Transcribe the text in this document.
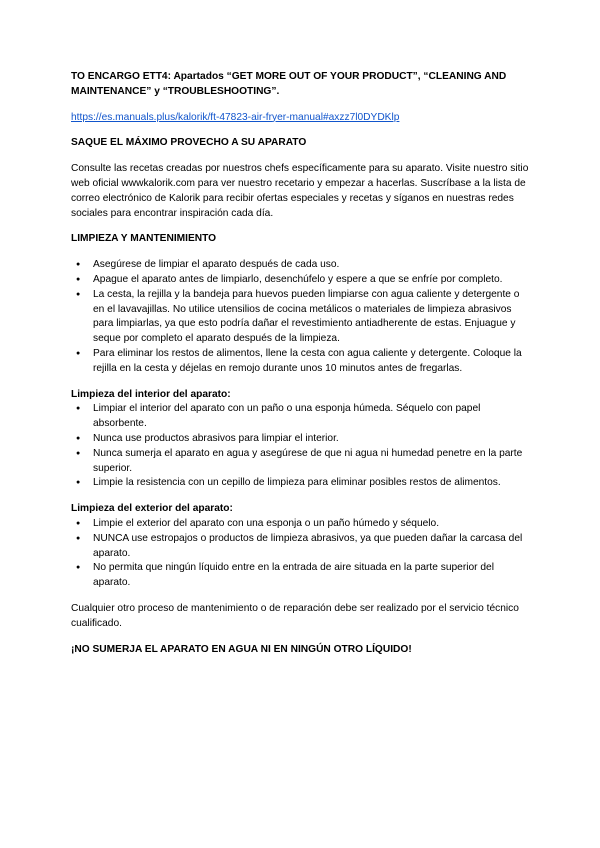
TO ENCARGO ETT4: Apartados “GET MORE OUT OF YOUR PRODUCT”, “CLEANING AND MAINTENANCE” y “TROUBLESHOOTING”.

https://es.manuals.plus/kalorik/ft-47823-air-fryer-manual#axzz7l0DYDKlp

SAQUE EL MÁXIMO PROVECHO A SU APARATO

Consulte las recetas creadas por nuestros chefs específicamente para su aparato. Visite nuestro sitio web oficial wwwkalorik.com para ver nuestro recetario y empezar a hacerlas. Suscríbase a la lista de correo electrónico de Kalorik para recibir ofertas especiales y recetas y síganos en nuestras redes sociales para encontrar inspiración cada día.

LIMPIEZA Y MANTENIMIENTO

● Asegúrese de limpiar el aparato después de cada uso.
● Apague el aparato antes de limpiarlo, desenchúfelo y espere a que se enfríe por completo.
● La cesta, la rejilla y la bandeja para huevos pueden limpiarse con agua caliente y detergente o en el lavavajillas. No utilice utensilios de cocina metálicos o materiales de limpieza abrasivos para limpiarlas, ya que esto podría dañar el revestimiento antiadherente de estas. Enjuague y seque por completo el aparato después de la limpieza.
● Para eliminar los restos de alimentos, llene la cesta con agua caliente y detergente. Coloque la rejilla en la cesta y déjelas en remojo durante unos 10 minutos antes de fregarlas.

Limpieza del interior del aparato:

● Limpiar el interior del aparato con un paño o una esponja húmeda. Séquelo con papel absorbente.
● Nunca use productos abrasivos para limpiar el interior.
● Nunca sumerja el aparato en agua y asegúrese de que ni agua ni humedad penetre en la parte superior.
● Limpie la resistencia con un cepillo de limpieza para eliminar posibles restos de alimentos.

Limpieza del exterior del aparato:

● Limpie el exterior del aparato con una esponja o un paño húmedo y séquelo.
● NUNCA use estropajos o productos de limpieza abrasivos, ya que pueden dañar la carcasa del aparato.
● No permita que ningún líquido entre en la entrada de aire situada en la parte superior del aparato.

Cualquier otro proceso de mantenimiento o de reparación debe ser realizado por el servicio técnico cualificado.

¡NO SUMERJA EL APARATO EN AGUA NI EN NINGÚN OTRO LÍQUIDO!
